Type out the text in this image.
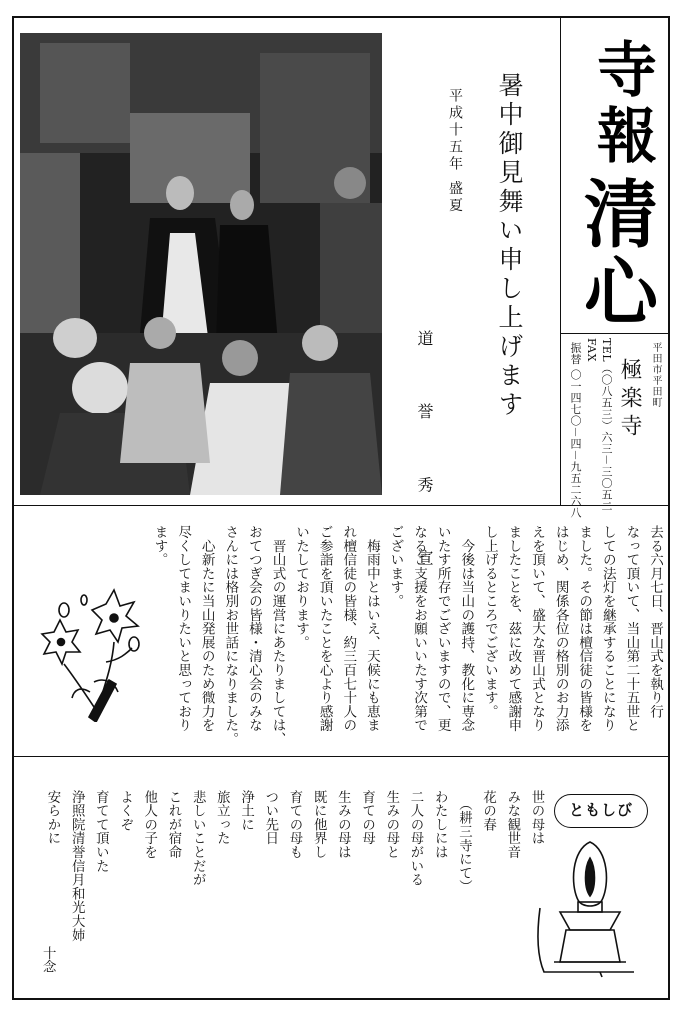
寺報
清心
暑中御見舞い申し上げます
平成十五年 盛夏
道 誉 秀 宣	平田市平田町
極楽寺
TEL（〇八五三）六三－三〇五二
FAX
振替 〇一四七〇－四－九五二六八
去る六月七日、晋山式を執り行
なって頂いて、当山第二十五世と
しての法灯を継承することになり
ました。その節は檀信徒の皆様を
はじめ、関係各位の格別のお力添
えを頂いて、盛大な晋山式となり
ましたことを、茲に改めて感謝申
し上げるところでございます。
　今後は当山の護持、教化に専念
いたす所存でございますので、更
なるご支援をお願いいたす次第で
ございます。
　梅雨中とはいえ、天候にも恵ま
れ檀信徒の皆様、約三百七十人の
ご参詣を頂いたことを心より感謝
いたしております。
　晋山式の運営にあたりましては、
おてつぎ会の皆様・清心会のみな
さんには格別お世話になりました。
　心新たに当山発展のため微力を
尽くしてまいりたいと思っており
ます。
ともしび
世の母は
みな観世音
花の春
　（耕三寺にて）
わたしには
二人の母がいる
生みの母と
育ての母
生みの母は
既に他界し
育ての母も
つい先日
浄土に
旅立った
悲しいことだが
これが宿命
他人の子を
よくぞ
育てて頂いた
浄照院清誉信月和光大姉
安らかに
十念
